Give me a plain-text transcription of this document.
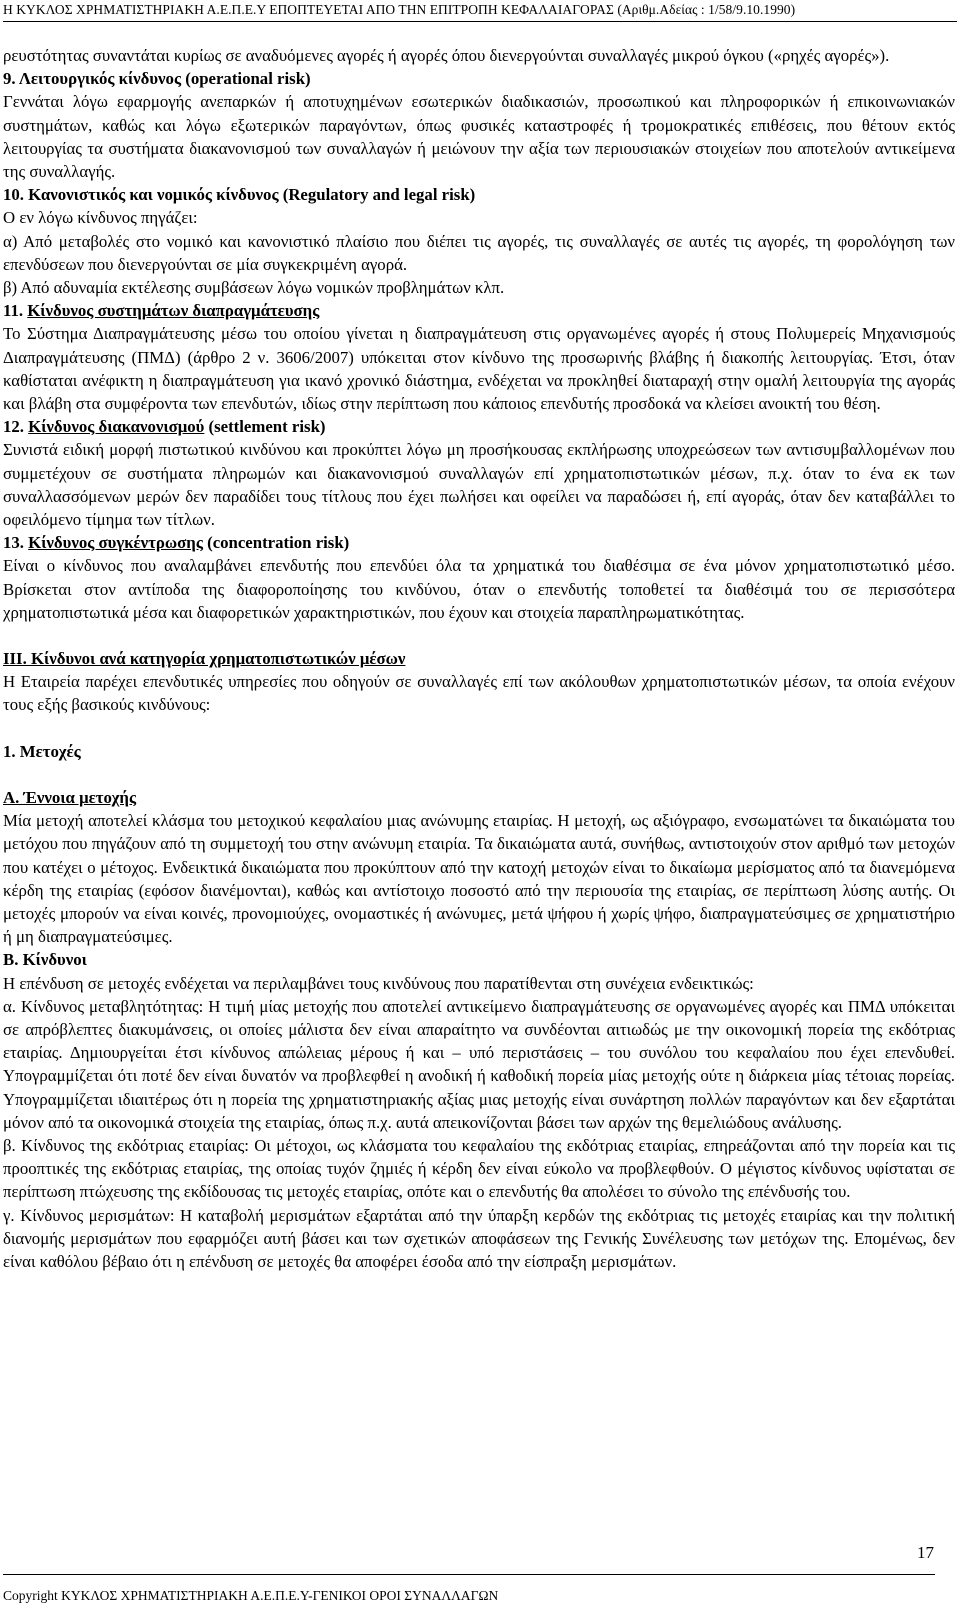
Η ΚΥΚΛΟΣ ΧΡΗΜΑΤΙΣΤΗΡΙΑΚΗ Α.Ε.Π.Ε.Υ ΕΠΟΠΤΕΥΕΤΑΙ ΑΠΟ ΤΗΝ ΕΠΙΤΡΟΠΗ ΚΕΦΑΛΑΙΑΓΟΡΑΣ (Αριθμ.Αδείας : 1/58/9.10.1990)

ρευστότητας συναντάται κυρίως σε αναδυόμενες αγορές ή αγορές όπου διενεργούνται συναλλαγές μικρού όγκου («ρηχές αγορές»).

9. Λειτουργικός κίνδυνος (operational risk)

Γεννάται λόγω εφαρμογής ανεπαρκών ή αποτυχημένων εσωτερικών διαδικασιών, προσωπικού και πληροφορικών ή επικοινωνιακών συστημάτων, καθώς και λόγω εξωτερικών παραγόντων, όπως φυσικές καταστροφές ή τρομοκρατικές επιθέσεις, που θέτουν εκτός λειτουργίας τα συστήματα διακανονισμού των συναλλαγών ή μειώνουν την αξία των περιουσιακών στοιχείων που αποτελούν αντικείμενα της συναλλαγής.

10. Κανονιστικός και νομικός κίνδυνος (Regulatory and legal risk)

Ο εν λόγω κίνδυνος πηγάζει:

α) Από μεταβολές στο νομικό και κανονιστικό πλαίσιο που διέπει τις αγορές, τις συναλλαγές σε αυτές τις αγορές, τη φορολόγηση των επενδύσεων που διενεργούνται σε μία συγκεκριμένη αγορά.

β) Από αδυναμία εκτέλεσης συμβάσεων λόγω νομικών προβλημάτων κλπ.

11. Κίνδυνος συστημάτων διαπραγμάτευσης

Το Σύστημα Διαπραγμάτευσης μέσω του οποίου γίνεται η διαπραγμάτευση στις οργανωμένες αγορές ή στους Πολυμερείς Μηχανισμούς Διαπραγμάτευσης (ΠΜΔ) (άρθρο 2 ν. 3606/2007) υπόκειται στον κίνδυνο της προσωρινής βλάβης ή διακοπής λειτουργίας. Έτσι, όταν καθίσταται ανέφικτη η διαπραγμάτευση για ικανό χρονικό διάστημα, ενδέχεται να προκληθεί διαταραχή στην ομαλή λειτουργία της αγοράς και βλάβη στα συμφέροντα των επενδυτών, ιδίως στην περίπτωση που κάποιος επενδυτής προσδοκά να κλείσει ανοικτή του θέση.

12. Κίνδυνος διακανονισμού (settlement risk)

Συνιστά ειδική μορφή πιστωτικού κινδύνου και προκύπτει λόγω μη προσήκουσας εκπλήρωσης υποχρεώσεων των αντισυμβαλλομένων που συμμετέχουν σε συστήματα πληρωμών και διακανονισμού συναλλαγών επί χρηματοπιστωτικών μέσων, π.χ. όταν το ένα εκ των συναλλασσόμενων μερών δεν παραδίδει τους τίτλους που έχει πωλήσει και οφείλει να παραδώσει ή, επί αγοράς, όταν δεν καταβάλλει το οφειλόμενο τίμημα των τίτλων.

13. Κίνδυνος συγκέντρωσης (concentration risk)

Είναι ο κίνδυνος που αναλαμβάνει επενδυτής που επενδύει όλα τα χρηματικά του διαθέσιμα σε ένα μόνον χρηματοπιστωτικό μέσο. Βρίσκεται στον αντίποδα της διαφοροποίησης του κινδύνου, όταν ο επενδυτής τοποθετεί τα διαθέσιμά του σε περισσότερα χρηματοπιστωτικά μέσα και διαφορετικών χαρακτηριστικών, που έχουν και στοιχεία παραπληρωματικότητας.

ΙΙΙ. Κίνδυνοι ανά κατηγορία χρηματοπιστωτικών μέσων

Η Εταιρεία παρέχει επενδυτικές υπηρεσίες που οδηγούν σε συναλλαγές επί των ακόλουθων χρηματοπιστωτικών μέσων, τα οποία ενέχουν τους εξής βασικούς κινδύνους:

1. Μετοχές

Α. Έννοια μετοχής

Μία μετοχή αποτελεί κλάσμα του μετοχικού κεφαλαίου μιας ανώνυμης εταιρίας. Η μετοχή, ως αξιόγραφο, ενσωματώνει τα δικαιώματα του μετόχου που πηγάζουν από τη συμμετοχή του στην ανώνυμη εταιρία. Τα δικαιώματα αυτά, συνήθως, αντιστοιχούν στον αριθμό των μετοχών που κατέχει ο μέτοχος. Ενδεικτικά δικαιώματα που προκύπτουν από την κατοχή μετοχών είναι το δικαίωμα μερίσματος από τα διανεμόμενα κέρδη της εταιρίας (εφόσον διανέμονται), καθώς και αντίστοιχο ποσοστό από την περιουσία της εταιρίας, σε περίπτωση λύσης αυτής. Οι μετοχές μπορούν να είναι κοινές, προνομιούχες, ονομαστικές ή ανώνυμες, μετά ψήφου ή χωρίς ψήφο, διαπραγματεύσιμες σε χρηματιστήριο ή μη διαπραγματεύσιμες.

Β. Κίνδυνοι

Η επένδυση σε μετοχές ενδέχεται να περιλαμβάνει τους κινδύνους που παρατίθενται στη συνέχεια ενδεικτικώς:

α. Κίνδυνος μεταβλητότητας: Η τιμή μίας μετοχής που αποτελεί αντικείμενο διαπραγμάτευσης σε οργανωμένες αγορές και ΠΜΔ υπόκειται σε απρόβλεπτες διακυμάνσεις, οι οποίες μάλιστα δεν είναι απαραίτητο να συνδέονται αιτιωδώς με την οικονομική πορεία της εκδότριας εταιρίας. Δημιουργείται έτσι κίνδυνος απώλειας μέρους ή και – υπό περιστάσεις – του συνόλου του κεφαλαίου που έχει επενδυθεί. Υπογραμμίζεται ότι ποτέ δεν είναι δυνατόν να προβλεφθεί η ανοδική ή καθοδική πορεία μίας μετοχής ούτε η διάρκεια μίας τέτοιας πορείας. Υπογραμμίζεται ιδιαιτέρως ότι η πορεία της χρηματιστηριακής αξίας μιας μετοχής είναι συνάρτηση πολλών παραγόντων και δεν εξαρτάται μόνον από τα οικονομικά στοιχεία της εταιρίας, όπως π.χ. αυτά απεικονίζονται βάσει των αρχών της θεμελιώδους ανάλυσης.

β. Κίνδυνος της εκδότριας εταιρίας: Οι μέτοχοι, ως κλάσματα του κεφαλαίου της εκδότριας εταιρίας, επηρεάζονται από την πορεία και τις προοπτικές της εκδότριας εταιρίας, της οποίας τυχόν ζημιές ή κέρδη δεν είναι εύκολο να προβλεφθούν. Ο μέγιστος κίνδυνος υφίσταται σε περίπτωση πτώχευσης της εκδίδουσας τις μετοχές εταιρίας, οπότε και ο επενδυτής θα απολέσει το σύνολο της επένδυσής του.

γ. Κίνδυνος μερισμάτων: Η καταβολή μερισμάτων εξαρτάται από την ύπαρξη κερδών της εκδότριας τις μετοχές εταιρίας και την πολιτική διανομής μερισμάτων που εφαρμόζει αυτή βάσει και των σχετικών αποφάσεων της Γενικής Συνέλευσης των μετόχων της. Επομένως, δεν είναι καθόλου βέβαιο ότι η επένδυση σε μετοχές θα αποφέρει έσοδα από την είσπραξη μερισμάτων.

17
Copyright ΚΥΚΛΟΣ ΧΡΗΜΑΤΙΣΤΗΡΙΑΚΗ Α.Ε.Π.Ε.Υ-ΓΕΝΙΚΟΙ ΟΡΟΙ ΣΥΝΑΛΛΑΓΩΝ
